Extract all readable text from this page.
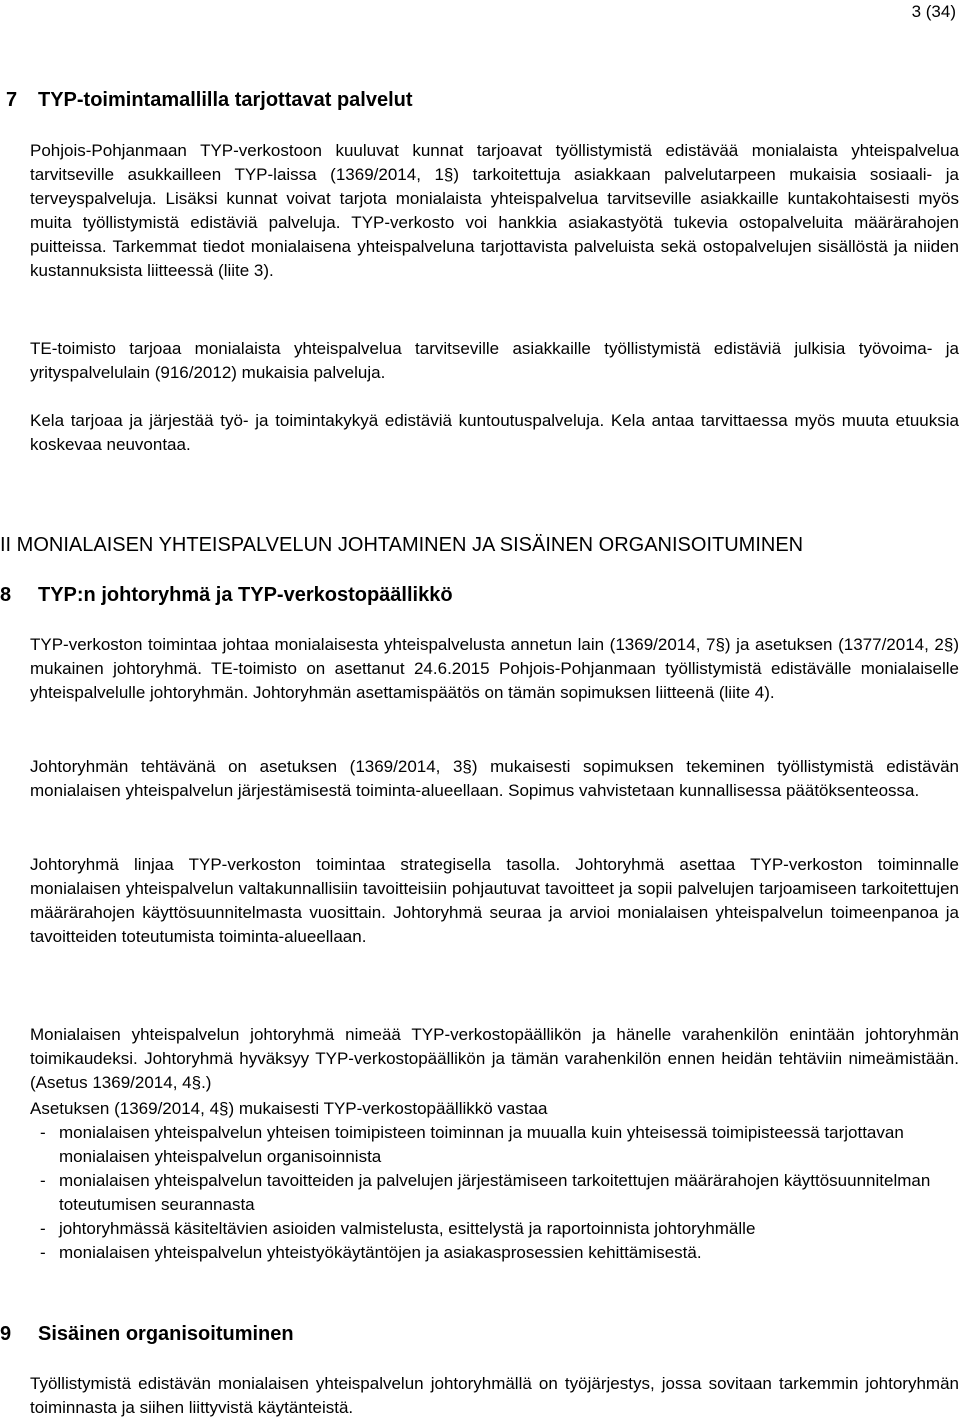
3 (34)
7 TYP-toimintamallilla tarjottavat palvelut

Pohjois-Pohjanmaan TYP-verkostoon kuuluvat kunnat tarjoavat työllistymistä edistävää monialaista yhteispalvelua tarvitseville asukkailleen TYP-laissa (1369/2014, 1§) tarkoitettuja asiakkaan palvelutarpeen mukaisia sosiaali- ja terveyspalveluja. Lisäksi kunnat voivat tarjota monialaista yhteispalvelua tarvitseville asiakkaille kuntakohtaisesti myös muita työllistymistä edistäviä palveluja. TYP-verkosto voi hankkia asiakastyötä tukevia ostopalveluita määrärahojen puitteissa. Tarkemmat tiedot monialaisena yhteispalveluna tarjottavista palveluista sekä ostopalvelujen sisällöstä ja niiden kustannuksista liitteessä (liite 3).

TE-toimisto tarjoaa monialaista yhteispalvelua tarvitseville asiakkaille työllistymistä edistäviä julkisia työvoima- ja yrityspalvelulain (916/2012) mukaisia palveluja.

Kela tarjoaa ja järjestää työ- ja toimintakykyä edistäviä kuntoutuspalveluja. Kela antaa tarvittaessa myös muuta etuuksia koskevaa neuvontaa.

II MONIALAISEN YHTEISPALVELUN JOHTAMINEN JA SISÄINEN ORGANISOITUMINEN
8 TYP:n johtoryhmä ja TYP-verkostopäällikkö

TYP-verkoston toimintaa johtaa monialaisesta yhteispalvelusta annetun lain (1369/2014, 7§) ja asetuksen (1377/2014, 2§) mukainen johtoryhmä. TE-toimisto on asettanut 24.6.2015 Pohjois-Pohjanmaan työllistymistä edistävälle monialaiselle yhteispalvelulle johtoryhmän. Johtoryhmän asettamispäätös on tämän sopimuksen liitteenä (liite 4).

Johtoryhmän tehtävänä on asetuksen (1369/2014, 3§) mukaisesti sopimuksen tekeminen työllistymistä edistävän monialaisen yhteispalvelun järjestämisestä toiminta-alueellaan. Sopimus vahvistetaan kunnallisessa päätöksenteossa.

Johtoryhmä linjaa TYP-verkoston toimintaa strategisella tasolla. Johtoryhmä asettaa TYP-verkoston toiminnalle monialaisen yhteispalvelun valtakunnallisiin tavoitteisiin pohjautuvat tavoitteet ja sopii palvelujen tarjoamiseen tarkoitettujen määrärahojen käyttösuunnitelmasta vuosittain. Johtoryhmä seuraa ja arvioi monialaisen yhteispalvelun toimeenpanoa ja tavoitteiden toteutumista toiminta-alueellaan.

Monialaisen yhteispalvelun johtoryhmä nimeää TYP-verkostopäällikön ja hänelle varahenkilön enintään johtoryhmän toimikaudeksi. Johtoryhmä hyväksyy TYP-verkostopäällikön ja tämän varahenkilön ennen heidän tehtäviin nimeämistään. (Asetus 1369/2014, 4§.)

Asetuksen (1369/2014, 4§) mukaisesti TYP-verkostopäällikkö vastaa

- monialaisen yhteispalvelun yhteisen toimipisteen toiminnan ja muualla kuin yhteisessä toimipisteessä tarjottavan monialaisen yhteispalvelun organisoinnista
- monialaisen yhteispalvelun tavoitteiden ja palvelujen järjestämiseen tarkoitettujen määrärahojen käyttösuunnitelman toteutumisen seurannasta
- johtoryhmässä käsiteltävien asioiden valmistelusta, esittelystä ja raportoinnista johtoryhmälle
- monialaisen yhteispalvelun yhteistyökäytäntöjen ja asiakasprosessien kehittämisestä.
9 Sisäinen organisoituminen

Työllistymistä edistävän monialaisen yhteispalvelun johtoryhmällä on työjärjestys, jossa sovitaan tarkemmin johtoryhmän toiminnasta ja siihen liittyvistä käytänteistä.
